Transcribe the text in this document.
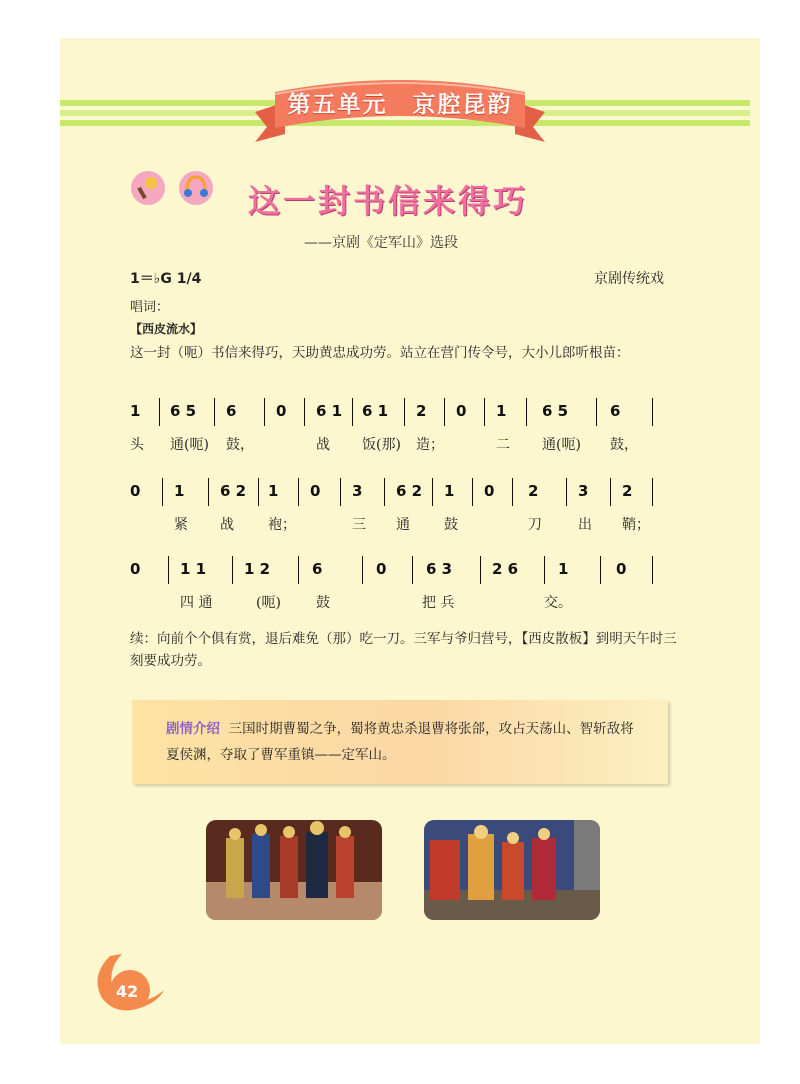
第五单元　京腔昆韵
这一封书信来得巧
——京剧《定军山》选段
1＝♭G 1/4	京剧传统戏
唱词：
【西皮流水】
这一封（呃）书信来得巧，天助黄忠成功劳。站立在营门传令号，大小儿郎听根苗：
1 6 5 6	0 6 1 6 1 2 0 1 6 5	6
头 通(呃) 鼓，	战 饭(那) 造；	二 通(呃) 鼓，
0 1 6 2 1 0 3 6 2 1 0 2	3 2
紧 战 袍；	三 通 鼓	刀	出 鞘；
0	1 1	1 2	6	0	6 3	2 6	1	0
四 通	(呃)	鼓	把 兵	交。
续：向前个个俱有赏，退后难免（那）吃一刀。三军与爷归营号，【西皮散板】到明天午时三刻要成功劳。
剧情介绍 三国时期曹蜀之争，蜀将黄忠杀退曹将张郃，攻占天荡山、智斩敌将夏侯渊，夺取了曹军重镇——定军山。
42
